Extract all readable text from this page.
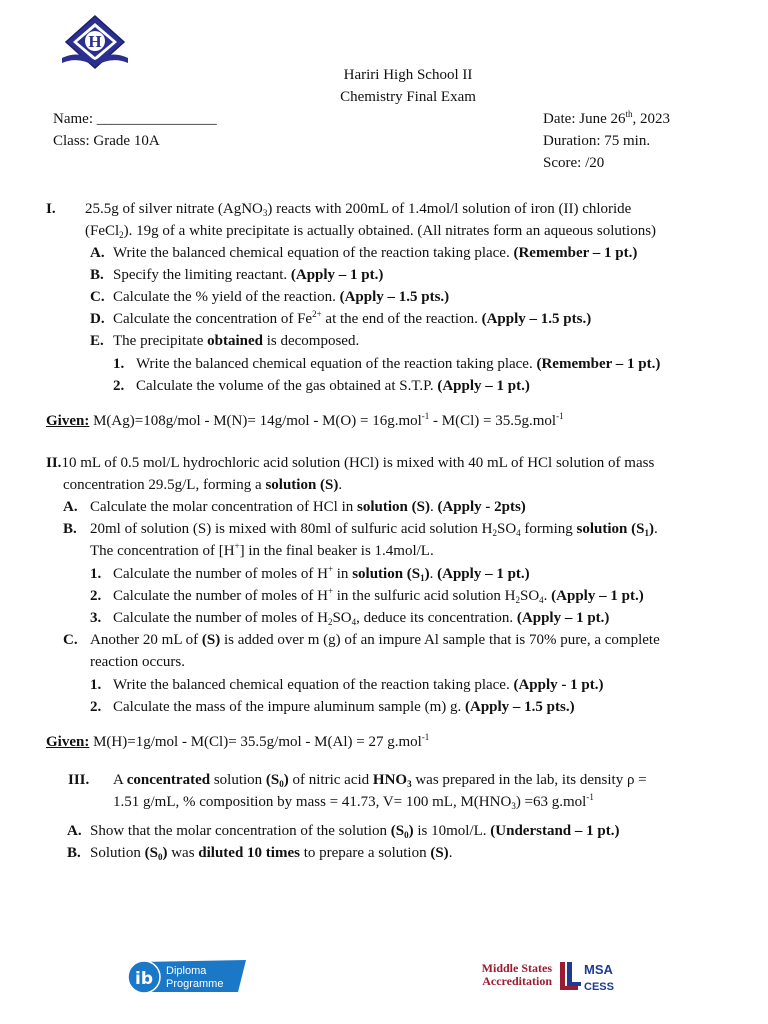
H
Hariri High School II
Chemistry Final Exam
Name: ________________
Class: Grade 10A
Date: June 26th, 2023
Duration: 75 min.
Score: /20
I. 25.5g of silver nitrate (AgNO$_3$) reacts with 200mL of 1.4mol/l solution of iron (II) chloride
(FeCl$_2$). 19g of a white precipitate is actually obtained. (All nitrates form an aqueous solutions)
A. Write the balanced chemical equation of the reaction taking place. (Remember – 1 pt.)
B. Specify the limiting reactant. (Apply – 1 pt.)
C. Calculate the % yield of the reaction. (Apply – 1.5 pts.)
D. Calculate the concentration of $Fe^{2+}$ at the end of the reaction. (Apply – 1.5 pts.)
E. The precipitate obtained is decomposed.
1. Write the balanced chemical equation of the reaction taking place. (Remember – 1 pt.)
2. Calculate the volume of the gas obtained at S.T.P. (Apply – 1 pt.)
Given: M(Ag)=108g/mol - M(N)= 14g/mol - M(O) = 16g.mol$^{-1}$ - M(Cl) = 35.5g.mol$^{-1}$
II.10 mL of 0.5 mol/L hydrochloric acid solution (HCl) is mixed with 40 mL of HCl solution of mass
concentration 29.5g/L, forming a solution (S).
A. Calculate the molar concentration of HCl in solution (S). (Apply - 2pts)
B. 20ml of solution (S) is mixed with 80ml of sulfuric acid solution $H_2SO_4$ forming solution $(S_1)$.
The concentration of [H+] in the final beaker is 1.4mol/L.
1. Calculate the number of moles of H+ in solution $(S_1)$. (Apply – 1 pt.)
2. Calculate the number of moles of H+ in the sulfuric acid solution $H_2SO_4$. (Apply – 1 pt.)
3. Calculate the number of moles of $H_2SO_4$, deduce its concentration. (Apply – 1 pt.)
C. Another 20 mL of (S) is added over m (g) of an impure Al sample that is 70% pure, a complete
reaction occurs.
1. Write the balanced chemical equation of the reaction taking place. (Apply - 1 pt.)
2. Calculate the mass of the impure aluminum sample (m) g. (Apply – 1.5 pts.)
Given: M(H)=1g/mol - M(Cl)= 35.5g/mol - M(Al) = 27 g.mol$^{-1}$
III. A concentrated solution $(S_0)$ of nitric acid $HNO_3$ was prepared in the lab, its density ρ =
1.51 g/mL, % composition by mass = 41.73, V= 100 mL, $M(HNO_3) =63$ g.mol$^{-1}$
A. Show that the molar concentration of the solution $(S_0)$ is 10mol/L. (Understand – 1 pt.)
B. Solution $(S_0)$ was diluted 10 times to prepare a solution (S).
ib Diploma
Programme
Middle States
Accreditation
MSA
CESS
